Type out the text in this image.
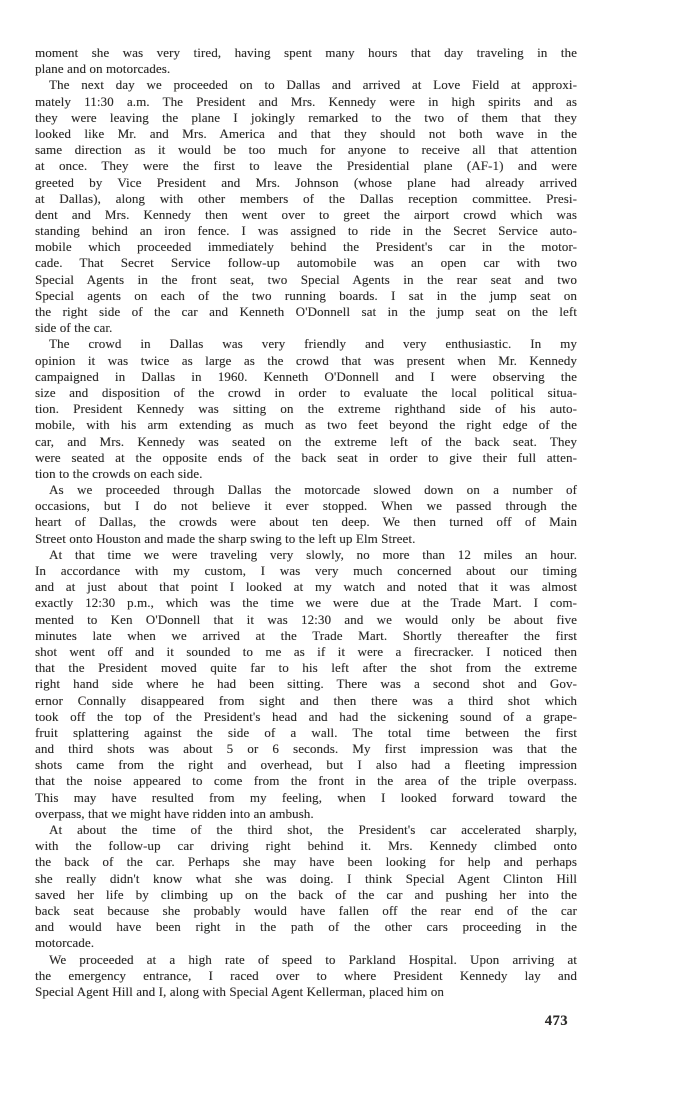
moment she was very tired, having spent many hours that day traveling in the
plane and on motorcades.
The next day we proceeded on to Dallas and arrived at Love Field at approxi-
mately 11:30 a.m. The President and Mrs. Kennedy were in high spirits and as
they were leaving the plane I jokingly remarked to the two of them that they
looked like Mr. and Mrs. America and that they should not both wave in the
same direction as it would be too much for anyone to receive all that attention
at once. They were the first to leave the Presidential plane (AF-1) and were
greeted by Vice President and Mrs. Johnson (whose plane had already arrived
at Dallas), along with other members of the Dallas reception committee. Presi-
dent and Mrs. Kennedy then went over to greet the airport crowd which was
standing behind an iron fence. I was assigned to ride in the Secret Service auto-
mobile which proceeded immediately behind the President's car in the motor-
cade. That Secret Service follow-up automobile was an open car with two
Special Agents in the front seat, two Special Agents in the rear seat and two
Special agents on each of the two running boards. I sat in the jump seat on
the right side of the car and Kenneth O'Donnell sat in the jump seat on the left
side of the car.
The crowd in Dallas was very friendly and very enthusiastic. In my
opinion it was twice as large as the crowd that was present when Mr. Kennedy
campaigned in Dallas in 1960. Kenneth O'Donnell and I were observing the
size and disposition of the crowd in order to evaluate the local political situa-
tion. President Kennedy was sitting on the extreme righthand side of his auto-
mobile, with his arm extending as much as two feet beyond the right edge of the
car, and Mrs. Kennedy was seated on the extreme left of the back seat. They
were seated at the opposite ends of the back seat in order to give their full atten-
tion to the crowds on each side.
As we proceeded through Dallas the motorcade slowed down on a number of
occasions, but I do not believe it ever stopped. When we passed through the
heart of Dallas, the crowds were about ten deep. We then turned off of Main
Street onto Houston and made the sharp swing to the left up Elm Street.
At that time we were traveling very slowly, no more than 12 miles an hour.
In accordance with my custom, I was very much concerned about our timing
and at just about that point I looked at my watch and noted that it was almost
exactly 12:30 p.m., which was the time we were due at the Trade Mart. I com-
mented to Ken O'Donnell that it was 12:30 and we would only be about five
minutes late when we arrived at the Trade Mart. Shortly thereafter the first
shot went off and it sounded to me as if it were a firecracker. I noticed then
that the President moved quite far to his left after the shot from the extreme
right hand side where he had been sitting. There was a second shot and Gov-
ernor Connally disappeared from sight and then there was a third shot which
took off the top of the President's head and had the sickening sound of a grape-
fruit splattering against the side of a wall. The total time between the first
and third shots was about 5 or 6 seconds. My first impression was that the
shots came from the right and overhead, but I also had a fleeting impression
that the noise appeared to come from the front in the area of the triple overpass.
This may have resulted from my feeling, when I looked forward toward the
overpass, that we might have ridden into an ambush.
At about the time of the third shot, the President's car accelerated sharply,
with the follow-up car driving right behind it. Mrs. Kennedy climbed onto
the back of the car. Perhaps she may have been looking for help and perhaps
she really didn't know what she was doing. I think Special Agent Clinton Hill
saved her life by climbing up on the back of the car and pushing her into the
back seat because she probably would have fallen off the rear end of the car
and would have been right in the path of the other cars proceeding in the
motorcade.
We proceeded at a high rate of speed to Parkland Hospital. Upon arriving at
the emergency entrance, I raced over to where President Kennedy lay and
Special Agent Hill and I, along with Special Agent Kellerman, placed him on
473
